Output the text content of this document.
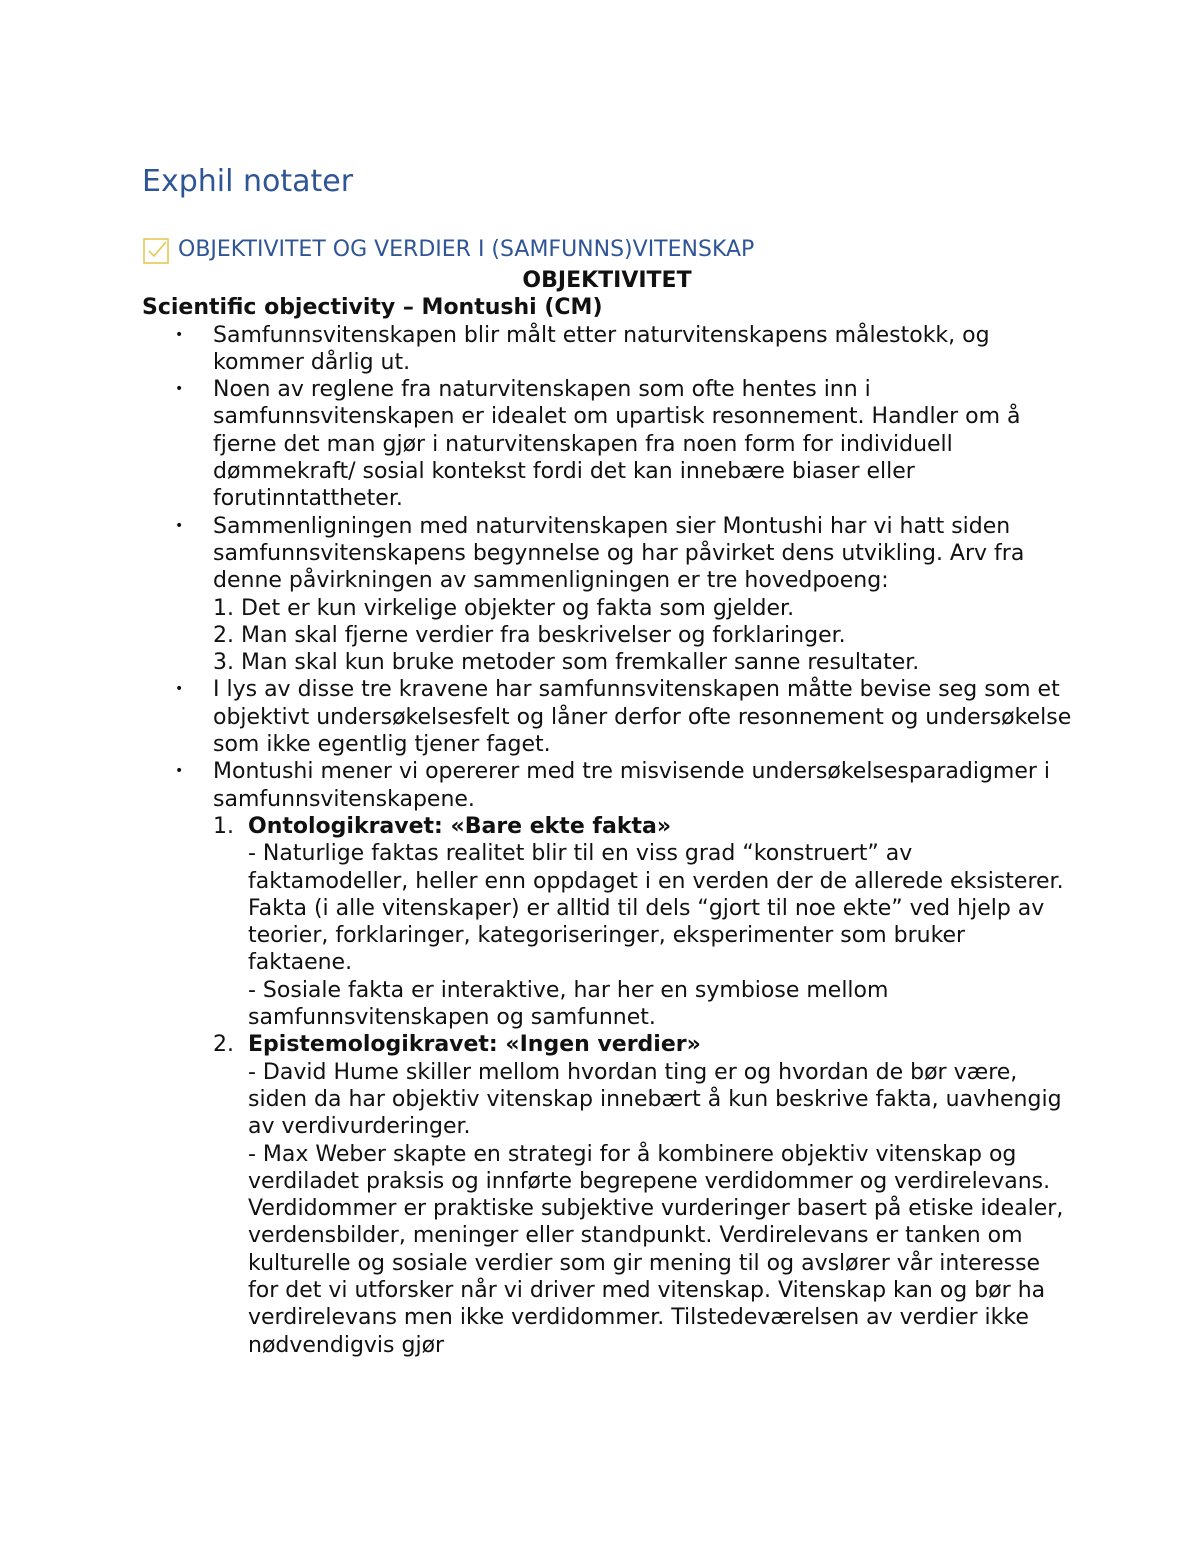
Exphil notater
OBJEKTIVITET OG VERDIER I (SAMFUNNS)VITENSKAP
OBJEKTIVITET
Scientific objectivity – Montushi (CM)
• Samfunnsvitenskapen blir målt etter naturvitenskapens målestokk, og kommer dårlig ut.
• Noen av reglene fra naturvitenskapen som ofte hentes inn i samfunnsvitenskapen er idealet om upartisk resonnement. Handler om å fjerne det man gjør i naturvitenskapen fra noen form for individuell dømmekraft/ sosial kontekst fordi det kan innebære biaser eller forutinntattheter.
• Sammenligningen med naturvitenskapen sier Montushi har vi hatt siden samfunnsvitenskapens begynnelse og har påvirket dens utvikling. Arv fra denne påvirkningen av sammenligningen er tre hovedpoeng:
1. Det er kun virkelige objekter og fakta som gjelder.
2. Man skal fjerne verdier fra beskrivelser og forklaringer.
3. Man skal kun bruke metoder som fremkaller sanne resultater.
• I lys av disse tre kravene har samfunnsvitenskapen måtte bevise seg som et objektivt undersøkelsesfelt og låner derfor ofte resonnement og undersøkelse som ikke egentlig tjener faget.
• Montushi mener vi opererer med tre misvisende undersøkelsesparadigmer i samfunnsvitenskapene.
1. Ontologikravet: «Bare ekte fakta»
- Naturlige faktas realitet blir til en viss grad “konstruert” av faktamodeller, heller enn oppdaget i en verden der de allerede eksisterer. Fakta (i alle vitenskaper) er alltid til dels “gjort til noe ekte” ved hjelp av teorier, forklaringer, kategoriseringer, eksperimenter som bruker faktaene.
- Sosiale fakta er interaktive, har her en symbiose mellom samfunnsvitenskapen og samfunnet.
2. Epistemologikravet: «Ingen verdier»
- David Hume skiller mellom hvordan ting er og hvordan de bør være, siden da har objektiv vitenskap innebært å kun beskrive fakta, uavhengig av verdivurderinger.
- Max Weber skapte en strategi for å kombinere objektiv vitenskap og verdiladet praksis og innførte begrepene verdidommer og verdirelevans. Verdidommer er praktiske subjektive vurderinger basert på etiske idealer, verdensbilder, meninger eller standpunkt. Verdirelevans er tanken om kulturelle og sosiale verdier som gir mening til og avslører vår interesse for det vi utforsker når vi driver med vitenskap. Vitenskap kan og bør ha verdirelevans men ikke verdidommer. Tilstedeværelsen av verdier ikke nødvendigvis gjør
